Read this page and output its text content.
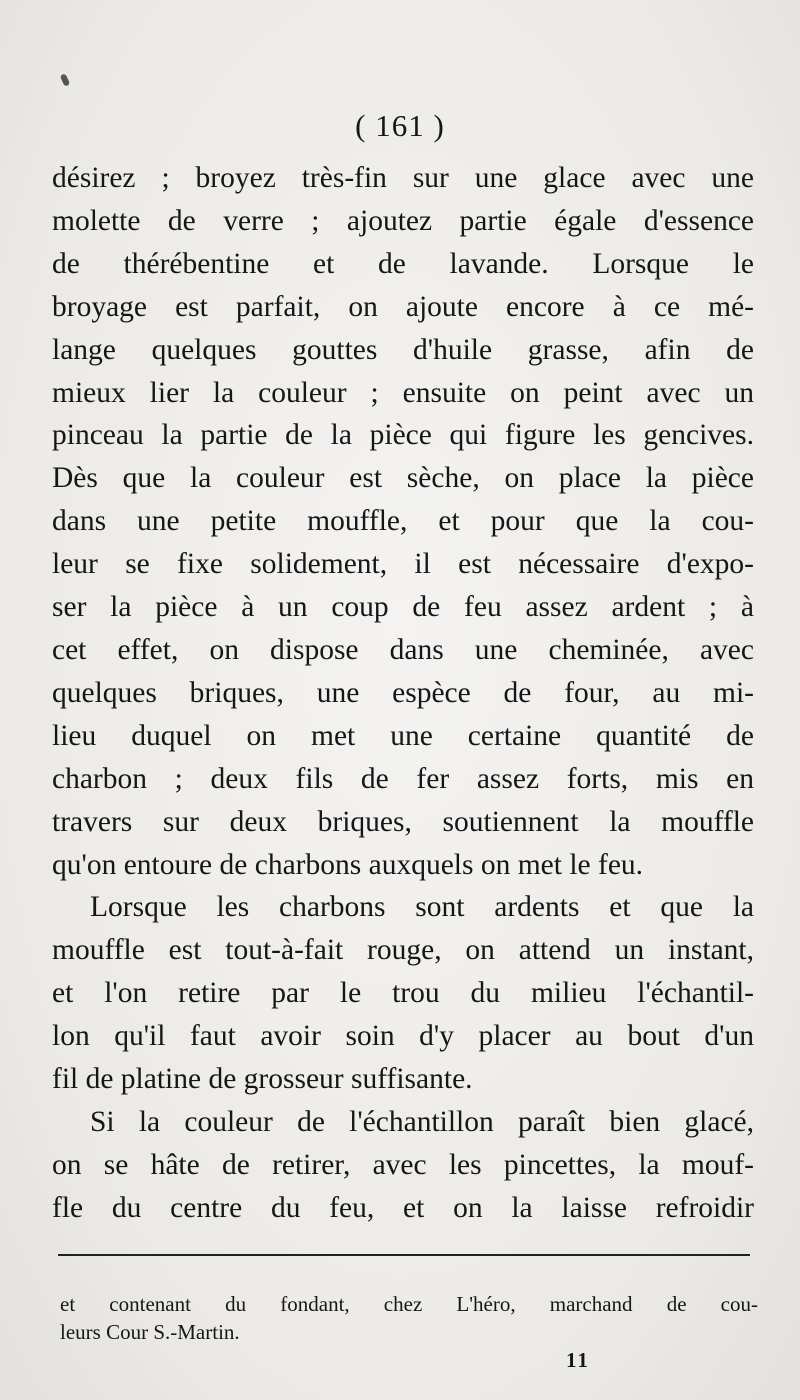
( 161 )

désirez ; broyez très-fin sur une glace avec une

molette de verre ; ajoutez partie égale d'essence

de thérébentine et de lavande. Lorsque le

broyage est parfait, on ajoute encore à ce mé-

lange quelques gouttes d'huile grasse, afin de

mieux lier la couleur ; ensuite on peint avec un

pinceau la partie de la pièce qui figure les gencives.

Dès que la couleur est sèche, on place la pièce

dans une petite mouffle, et pour que la cou-

leur se fixe solidement, il est nécessaire d'expo-

ser la pièce à un coup de feu assez ardent ; à

cet effet, on dispose dans une cheminée, avec

quelques briques, une espèce de four, au mi-

lieu duquel on met une certaine quantité de

charbon ; deux fils de fer assez forts, mis en

travers sur deux briques, soutiennent la mouffle

qu'on entoure de charbons auxquels on met le feu.

Lorsque les charbons sont ardents et que la

mouffle est tout-à-fait rouge, on attend un instant,

et l'on retire par le trou du milieu l'échantil-

lon qu'il faut avoir soin d'y placer au bout d'un

fil de platine de grosseur suffisante.

Si la couleur de l'échantillon paraît bien glacé,

on se hâte de retirer, avec les pincettes, la mouf-

fle du centre du feu, et on la laisse refroidir

et contenant du fondant, chez L'héro, marchand de cou-

leurs Cour S.-Martin.

11
